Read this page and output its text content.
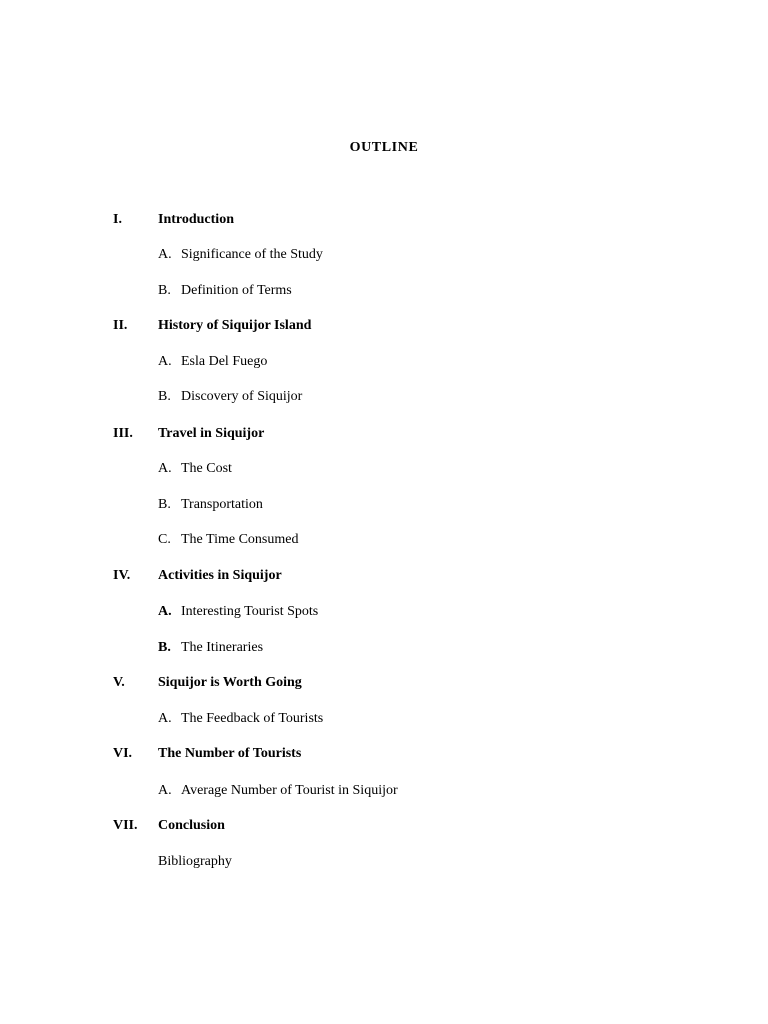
OUTLINE
I.	Introduction
A. Significance of the Study
B. Definition of Terms
II. History of Siquijor Island
A. Esla Del Fuego
B. Discovery of Siquijor
III. Travel in Siquijor
A. The Cost
B. Transportation
C. The Time Consumed
IV. Activities in Siquijor
A. Interesting Tourist Spots
B. The Itineraries
V. Siquijor is Worth Going
A. The Feedback of Tourists
VI. The Number of Tourists
A. Average Number of Tourist in Siquijor
VII. Conclusion
Bibliography
